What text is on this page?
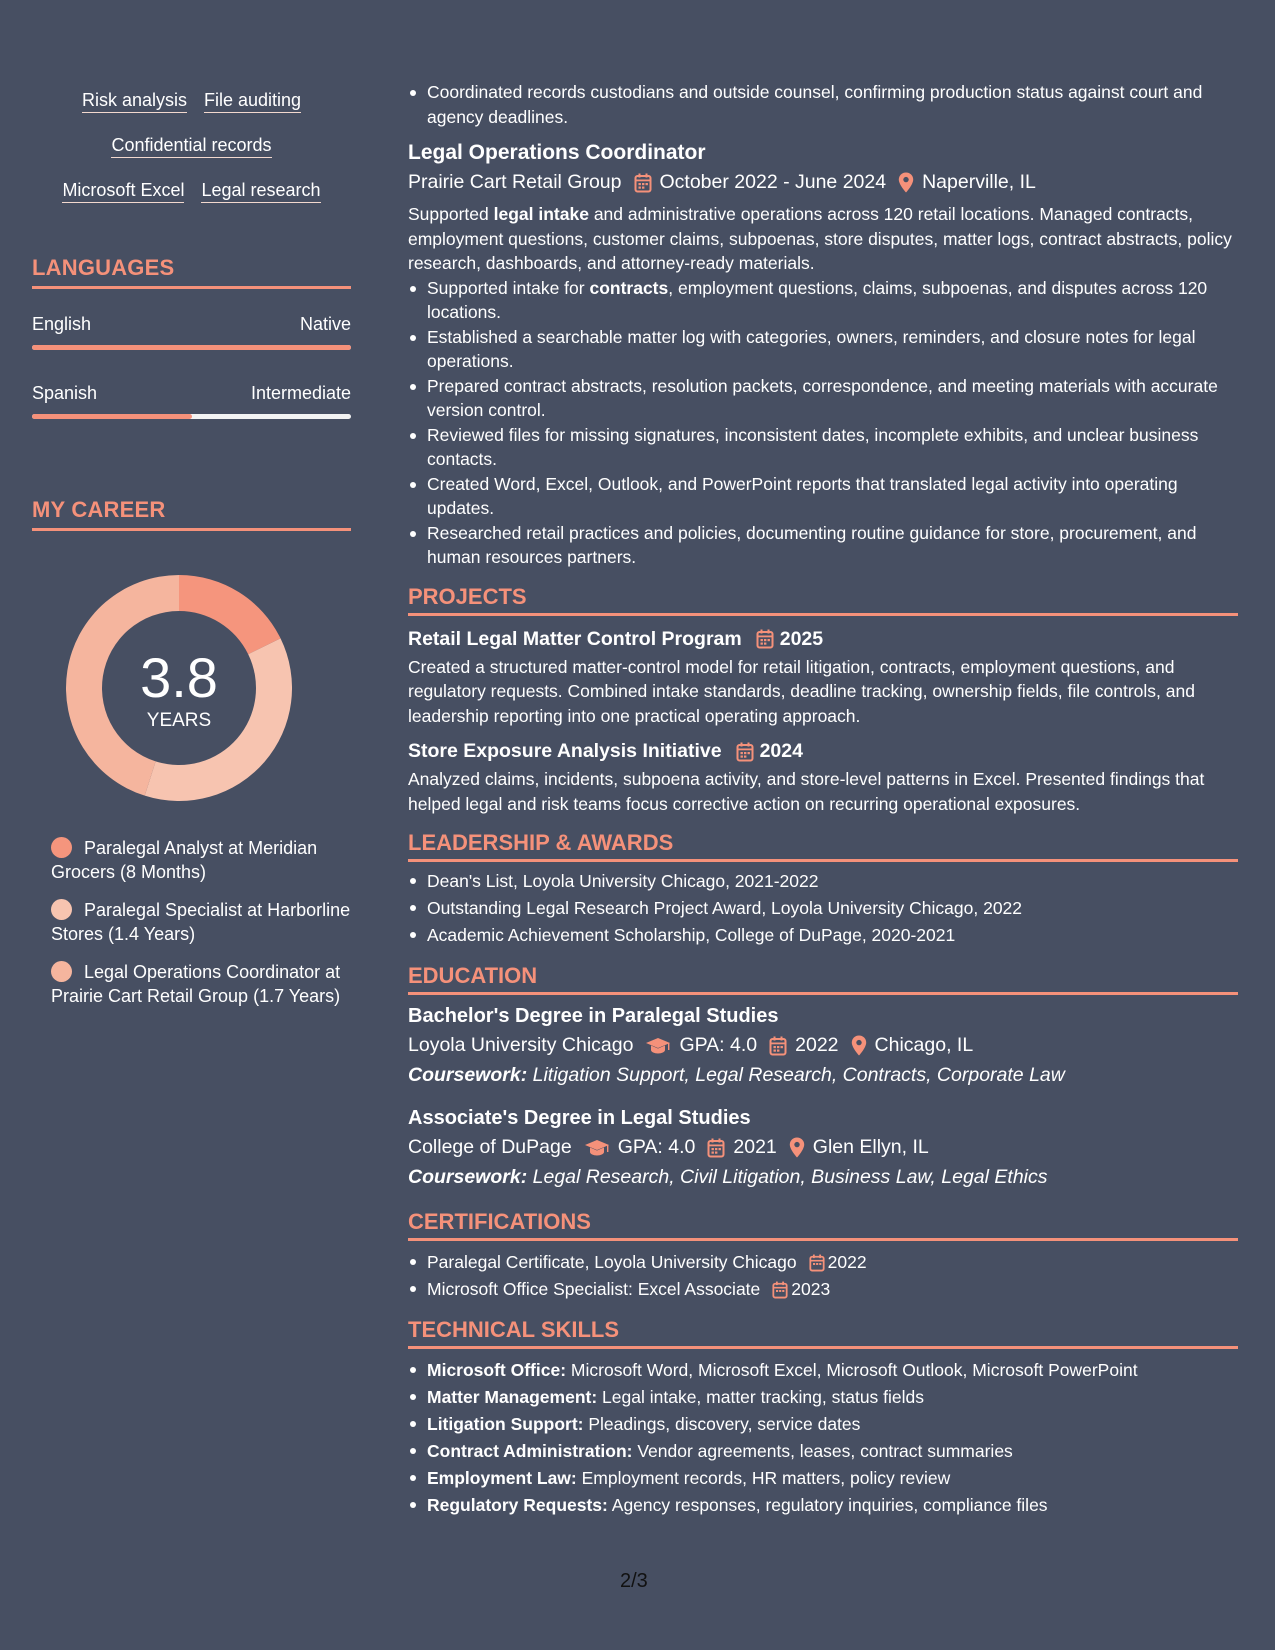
Risk analysis File auditing
Confidential records
Microsoft Excel Legal research
LANGUAGES
English	Native
Spanish	Intermediate
MY CAREER
3.8
YEARS
Paralegal Analyst at Meridian Grocers (8 Months)
Paralegal Specialist at Harborline Stores (1.4 Years)
Legal Operations Coordinator at Prairie Cart Retail Group (1.7 Years)
Coordinated records custodians and outside counsel, confirming production status against court and agency deadlines.
Legal Operations Coordinator
Prairie Cart Retail Group October 2022 - June 2024 Naperville, IL
Supported legal intake and administrative operations across 120 retail locations. Managed contracts, employment questions, customer claims, subpoenas, store disputes, matter logs, contract abstracts, policy research, dashboards, and attorney-ready materials.
Supported intake for contracts, employment questions, claims, subpoenas, and disputes across 120 locations.
Established a searchable matter log with categories, owners, reminders, and closure notes for legal operations.
Prepared contract abstracts, resolution packets, correspondence, and meeting materials with accurate version control.
Reviewed files for missing signatures, inconsistent dates, incomplete exhibits, and unclear business contacts.
Created Word, Excel, Outlook, and PowerPoint reports that translated legal activity into operating updates.
Researched retail practices and policies, documenting routine guidance for store, procurement, and human resources partners.
PROJECTS
Retail Legal Matter Control Program 2025
Created a structured matter-control model for retail litigation, contracts, employment questions, and regulatory requests. Combined intake standards, deadline tracking, ownership fields, file controls, and leadership reporting into one practical operating approach.
Store Exposure Analysis Initiative 2024
Analyzed claims, incidents, subpoena activity, and store-level patterns in Excel. Presented findings that helped legal and risk teams focus corrective action on recurring operational exposures.
LEADERSHIP & AWARDS
Dean's List, Loyola University Chicago, 2021-2022
Outstanding Legal Research Project Award, Loyola University Chicago, 2022
Academic Achievement Scholarship, College of DuPage, 2020-2021
EDUCATION
Bachelor's Degree in Paralegal Studies
Loyola University Chicago GPA: 4.0 2022 Chicago, IL
Coursework: Litigation Support, Legal Research, Contracts, Corporate Law
Associate's Degree in Legal Studies
College of DuPage GPA: 4.0 2021 Glen Ellyn, IL
Coursework: Legal Research, Civil Litigation, Business Law, Legal Ethics
CERTIFICATIONS
Paralegal Certificate, Loyola University Chicago 2022
Microsoft Office Specialist: Excel Associate 2023
TECHNICAL SKILLS
Microsoft Office: Microsoft Word, Microsoft Excel, Microsoft Outlook, Microsoft PowerPoint
Matter Management: Legal intake, matter tracking, status fields
Litigation Support: Pleadings, discovery, service dates
Contract Administration: Vendor agreements, leases, contract summaries
Employment Law: Employment records, HR matters, policy review
Regulatory Requests: Agency responses, regulatory inquiries, compliance files
2/3
